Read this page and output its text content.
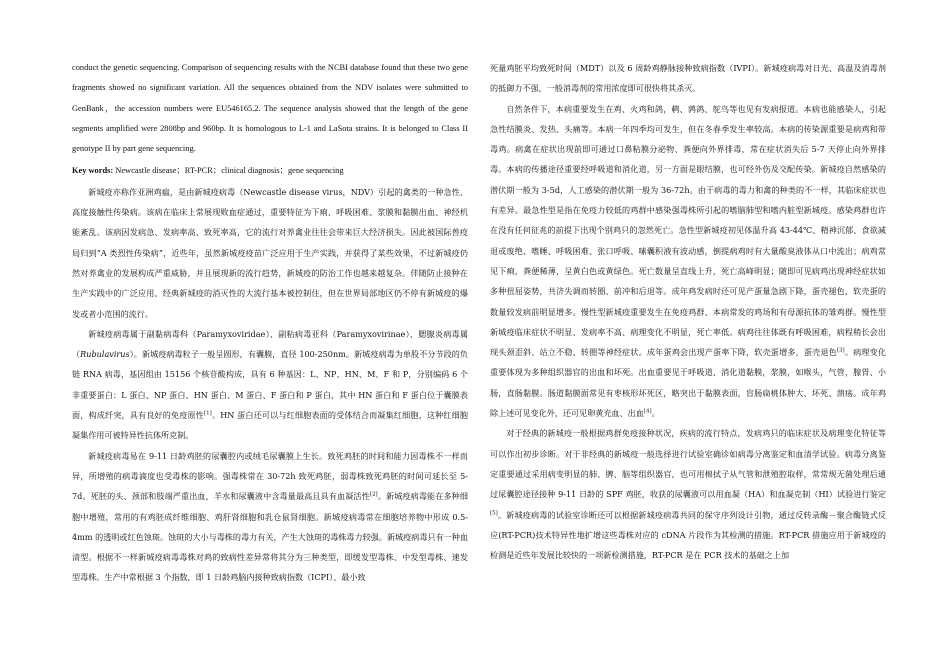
conduct the genetic sequencing. Comparison of sequencing results with the NCBI database found that these two gene fragments showed no significant variation. All the sequences obtained from the NDV isolates were submitted to GenBank，the accession numbers were EU546165.2. The sequence analysis showed that the length of the gene segments amplified were 2808bp and 960bp. It is homologous to L-1 and LaSota strains. It is belonged to Class II genotype II by part gene sequencing.

Key words: Newcastle disease；RT-PCR；clinical diagnosis；gene sequencing

新城疫亦称作亚洲鸡瘟，是由新城疫病毒（Newcastle disease virus，NDV）引起的禽类的一种急性、高度接触性传染病。该病在临床上常展现败血症通过，重要特征为下痢、呼吸困难、浆膜和黏膜出血、神经机能紊乱。该病因发病急、发病率高、致死率高，它的流行对养禽业往往会带来巨大经济损失。因此被国际兽疫局归到“A 类烈性传染病”，近些年，虽然新城疫疫苗广泛应用于生产实践，并获得了某些效果，不过新城疫仍然对养禽业的发展构成严重威胁，并且展现新的流行趋势，新城疫的防治工作也越来越复杂。伴随防止接种在生产实践中的广泛应用，经典新城疫的消灭性的大流行基本被控制住，但在世界局部地区仍不停有新城疫的爆发或者小范围的流行。

新城疫病毒属于副黏病毒科（Paramyxoviridae）、副粘病毒亚科（Paramyxovirinae）、腮腺炎病毒属（Rubulavirus）。新城疫病毒粒子一般呈圆形，有囊膜，直径 100-250nm。新城疫病毒为单股不分节段的负链 RNA 病毒，基因组由 15156 个核苷酸构成，具有 6 种基因：L、NP、HN、M、F 和 P，分别编码 6 个非重要蛋白：L 蛋白、NP 蛋白、HN 蛋白、M 蛋白、F 蛋白和 P 蛋白，其中 HN 蛋白和 F 蛋白位于囊膜表面，构成纤突，具有良好的免疫原性[1]。HN 蛋白还可以与红细胞表面的受体结合而凝集红细胞，这种红细胞凝集作用可被特异性抗体所克制。

新城疫病毒易在 9-11 日龄鸡胚的尿囊腔内或绒毛尿囊膜上生长。致死鸡胚的时间和能力因毒株不一样而异，所增殖的病毒滴度也受毒株的影响。强毒株常在 30-72h 致死鸡胚，弱毒株致死鸡胚的时间可延长至 5-7d。死胚的头、颈部和肢端严重出血，羊水和尿囊液中含毒量最高且具有血凝活性[2]。新城疫病毒能在多种细胞中增殖，常用的有鸡胚成纤维细胞、鸡肝肾细胞和乳仓鼠肾细胞。新城疫病毒常在细胞培养物中形成 0.5-4mm 的透明或红色蚀斑。蚀斑的大小与毒株的毒力有关，产生大蚀斑的毒株毒力较强。新城疫病毒只有一种血清型。根据不一样新城疫病毒毒株对鸡的致病性差异常将其分为三种类型，即缓发型毒株、中发型毒株、速发型毒株。生产中常根据 3 个指数，即 1 日龄鸡脑内接种致病指数（ICPI）、最小致

死量鸡胚平均致死时间（MDT）以及 6 周龄鸡静脉接种致病指数（IVPI）。新城疫病毒对日光、高温及消毒剂的抵御力不强，一般消毒剂的常用浓度即可很快将其杀灭。

自然条件下，本病重要发生在鸡、火鸡和鸽，鹌、鹑鸽、鸵鸟等也见有发病报道。本病也能感染人，引起急性结膜炎、发热、头痛等。本病一年四季均可发生，但在冬春季发生率较高。本病的传染源重要是病鸡和带毒鸡。病禽在症状出现前即可通过口鼻粘膜分泌物、粪便向外界排毒，常在症状消失后 5-7 天停止向外界排毒。本病的传播途径重要经呼吸道和消化道，另一方面是眼结膜，也可经外伤及交配传染。新城疫自然感染的潜伏期一般为 3-5d，人工感染的潜伏期一般为 36-72h。由于病毒的毒力和禽的种类的不一样，其临床症状也有差异。最急性型是指在免疫力较低的鸡群中感染强毒株所引起的嗜脑肺型和嗜内脏型新城疫。感染鸡群也许在没有任何征兆的前提下出现个别鸡只的忽然死亡。急性型新城疫初见体温升高 43-44℃、精神沉郁、食欲减退或废绝、嗜睡、呼吸困难、张口呼吸、嗉囊积液有波动感，倒提病鸡时有大量酸臭液体从口中流出；病鸡常见下痢，粪便稀薄，呈黄白色或黄绿色。死亡数量呈直线上升，死亡高峰明显；随即可见病鸡出现神经症状如多种扭屈姿势，共济失调而转圈、前冲和后退等。成年鸡发病时还可见产蛋量急剧下降，蛋壳褪色，软壳蛋的数量较发病前明显增多。慢性型新城疫重要发生在免疫鸡群、本病常发的鸡场和有母源抗体的雏鸡群。慢性型新城疫临床症状不明显、发病率不高、病理变化不明显，死亡率低。病鸡往往体既有呼吸困难，病程稍长会出现头颈歪斜、站立不稳、转圈等神经症状。成年蛋鸡会出现产蛋率下降，软壳蛋增多，蛋壳退色[3]。病理变化重要体现为多种组织器官的出血和坏死。出血重要见于呼吸道、消化道黏膜，浆膜，如喉头，气管，腺胃、小肠，直肠黏膜。肠道黏膜面常见有枣核形坏死区，略突出于黏膜表面，盲肠扁桃体肿大、坏死、溃疡。成年鸡除上述可见变化外，还可见卵黄充血、出血[4]。

对于经典的新城疫一般根据鸡群免疫接种状况，疾病的流行特点，发病鸡只的临床症状及病理变化特征等可以作出初步诊断。对于非经典的新城疫一般选择进行试验室确诊如病毒分离鉴定和血清学试验。病毒分离鉴定重要通过采用病变明显的肺、脾、脑等组织器官，也可用棉拭子从气管和泄殖腔取样，常常规无菌处理后通过尿囊腔途径接种 9-11 日龄的 SPF 鸡胚，收获的尿囊液可以用血凝（HA）和血凝克制（HI）试验进行鉴定[5]。新城疫病毒的试验室诊断还可以根据新城疫病毒共同的保守序列设计引物，通过反转录酶－聚合酶链式反应(RT-PCR)技术特异性地扩增这些毒株对应的 cDNA 片段作为其检测的措施。RT-PCR 措施应用于新城疫的检测是近些年发展比较快的一项新检测措施，RT-PCR 是在 PCR 技术的基础之上加
